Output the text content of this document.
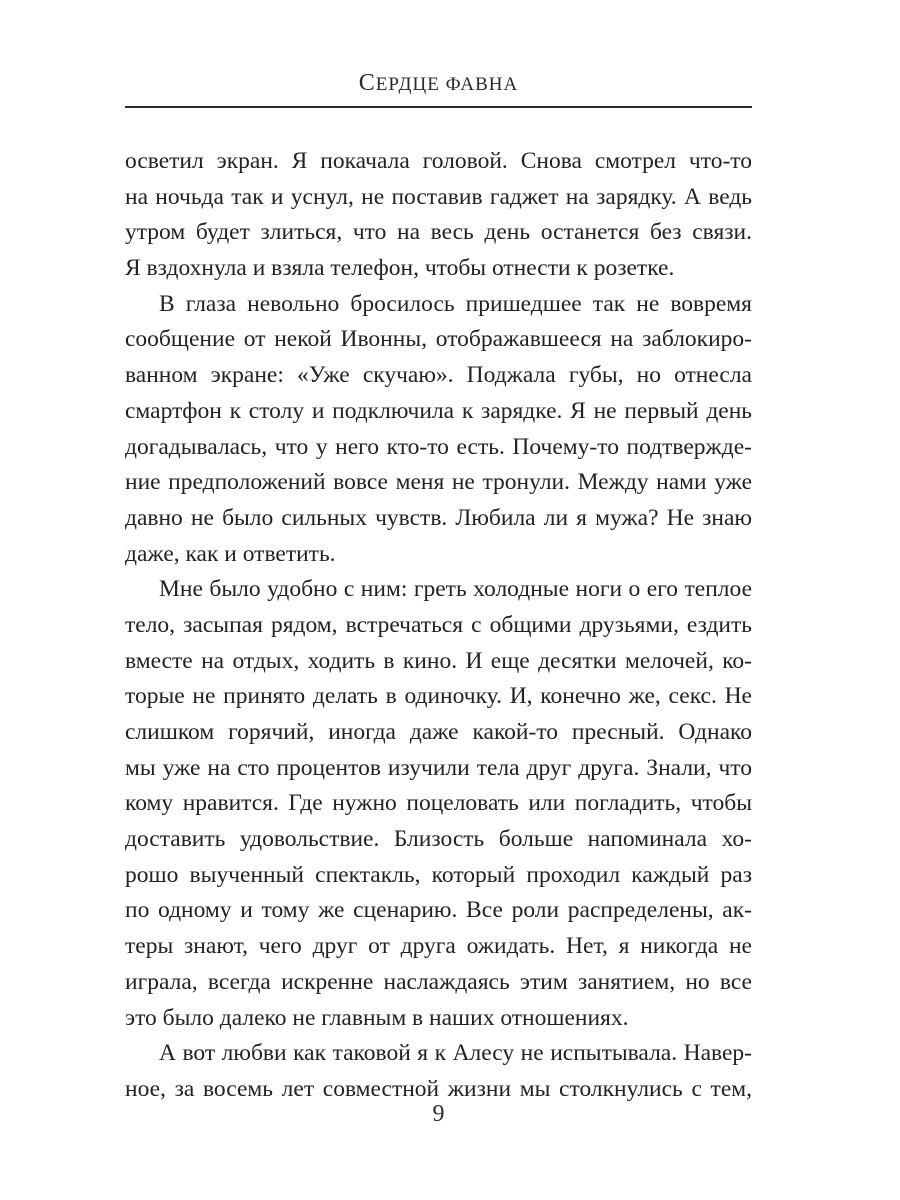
СЕРДЦЕ ФАВНА
осветил экран. Я покачала головой. Снова смотрел что-то
на ночьда так и уснул, не поставив гаджет на зарядку. А ведь
утром будет злиться, что на весь день останется без связи.
Я вздохнула и взяла телефон, чтобы отнести к розетке.
В глаза невольно бросилось пришедшее так не вовремя
сообщение от некой Ивонны, отображавшееся на заблокиро-
ванном экране: «Уже скучаю». Поджала губы, но отнесла
смартфон к столу и подключила к зарядке. Я не первый день
догадывалась, что у него кто-то есть. Почему-то подтвержде-
ние предположений вовсе меня не тронули. Между нами уже
давно не было сильных чувств. Любила ли я мужа? Не знаю
даже, как и ответить.
Мне было удобно с ним: греть холодные ноги о его теплое
тело, засыпая рядом, встречаться с общими друзьями, ездить
вместе на отдых, ходить в кино. И еще десятки мелочей, ко-
торые не принято делать в одиночку. И, конечно же, секс. Не
слишком горячий, иногда даже какой-то пресный. Однако
мы уже на сто процентов изучили тела друг друга. Знали, что
кому нравится. Где нужно поцеловать или погладить, чтобы
доставить удовольствие. Близость больше напоминала хо-
рошо выученный спектакль, который проходил каждый раз
по одному и тому же сценарию. Все роли распределены, ак-
теры знают, чего друг от друга ожидать. Нет, я никогда не
играла, всегда искренне наслаждаясь этим занятием, но все
это было далеко не главным в наших отношениях.
А вот любви как таковой я к Алесу не испытывала. Навер-
ное, за восемь лет совместной жизни мы столкнулись с тем,
9
